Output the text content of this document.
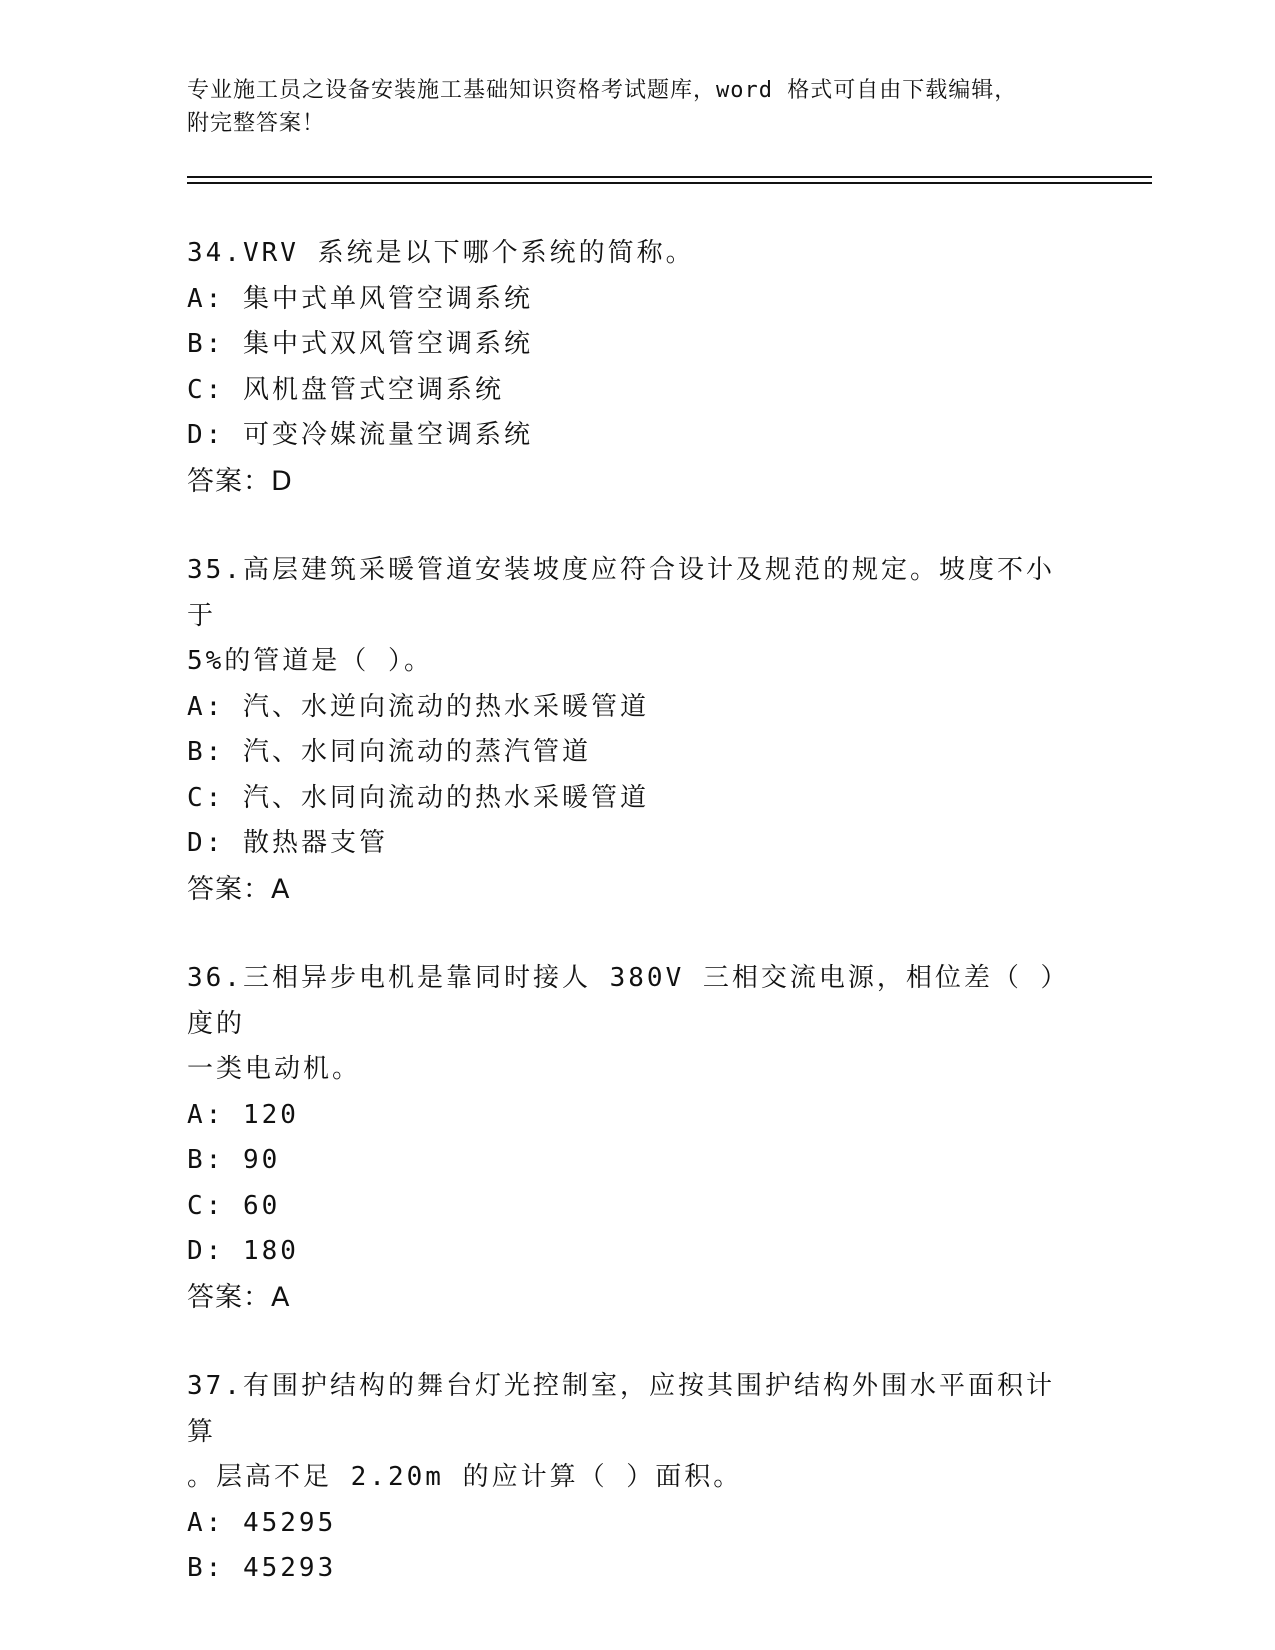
专业施工员之设备安装施工基础知识资格考试题库，word 格式可自由下载编辑，
附完整答案！
34.VRV 系统是以下哪个系统的简称。
A: 集中式单风管空调系统
B: 集中式双风管空调系统
C: 风机盘管式空调系统
D: 可变冷媒流量空调系统
答案：D
35.高层建筑采暖管道安装坡度应符合设计及规范的规定。坡度不小于
5%的管道是（ ）。
A: 汽、水逆向流动的热水采暖管道
B: 汽、水同向流动的蒸汽管道
C: 汽、水同向流动的热水采暖管道
D: 散热器支管
答案：A
36.三相异步电机是靠同时接人 380V 三相交流电源，相位差（ ）度的
一类电动机。
A: 120
B: 90
C: 60
D: 180
答案：A
37.有围护结构的舞台灯光控制室，应按其围护结构外围水平面积计算
。层高不足 2.20m 的应计算（ ）面积。
A: 45295
B: 45293
